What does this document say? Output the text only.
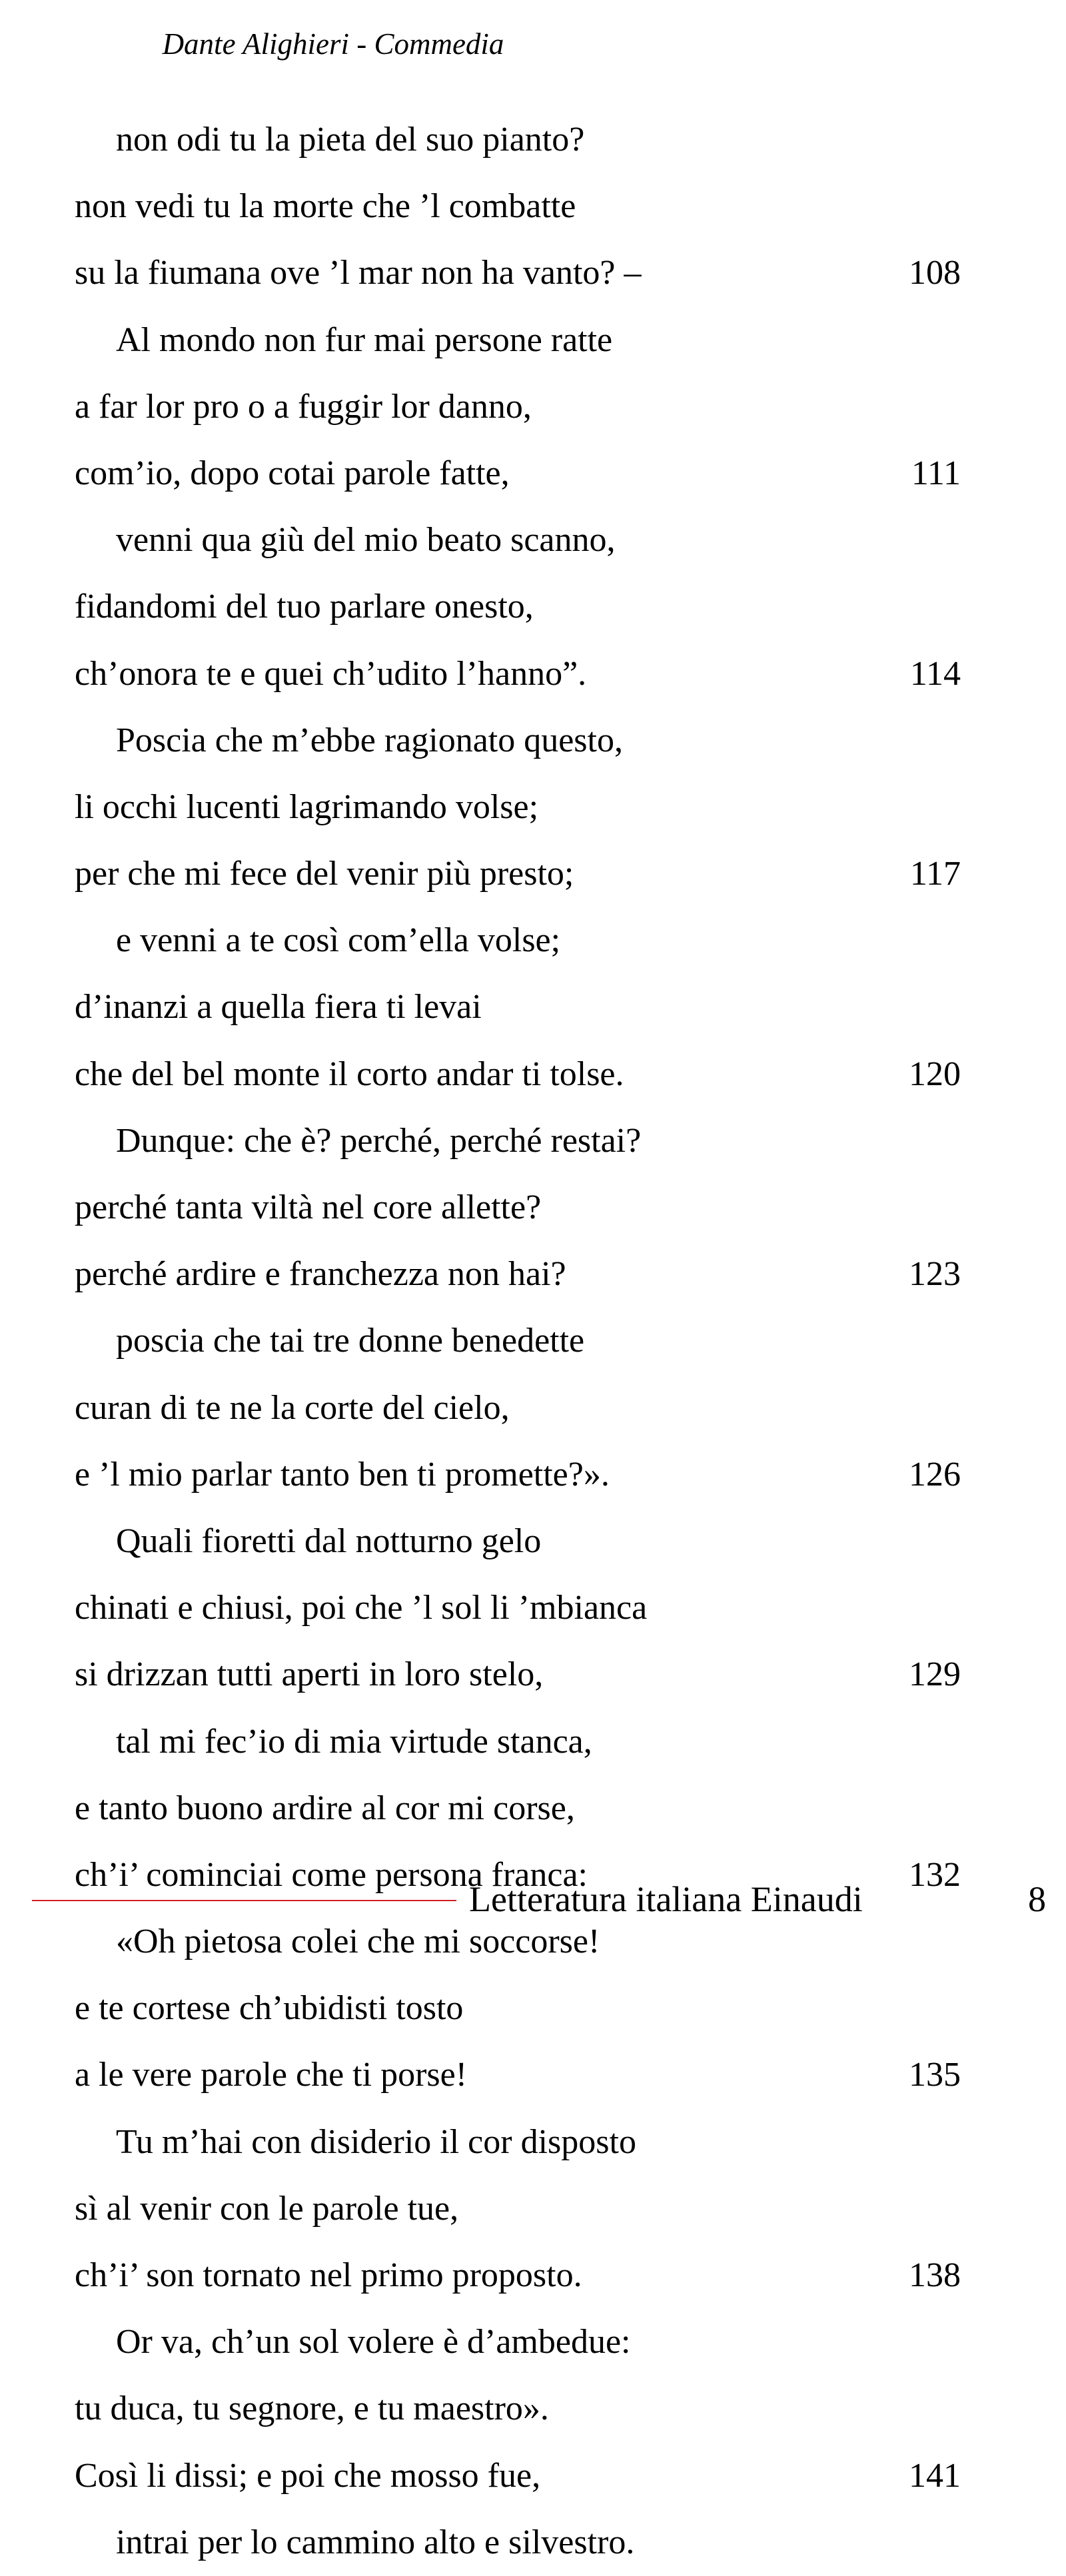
Dante Alighieri - Commedia
non odi tu la pieta del suo pianto?
non vedi tu la morte che ’l combatte
su la fiumana ove ’l mar non ha vanto? –	108
Al mondo non fur mai persone ratte
a far lor pro o a fuggir lor danno,
com’io, dopo cotai parole fatte,	111
venni qua giù del mio beato scanno,
fidandomi del tuo parlare onesto,
ch’onora te e quei ch’udito l’hanno”.	114
Poscia che m’ebbe ragionato questo,
li occhi lucenti lagrimando volse;
per che mi fece del venir più presto;	117
e venni a te così com’ella volse;
d’inanzi a quella fiera ti levai
che del bel monte il corto andar ti tolse.	120
Dunque: che è? perché, perché restai?
perché tanta viltà nel core allette?
perché ardire e franchezza non hai?	123
poscia che tai tre donne benedette
curan di te ne la corte del cielo,
e ’l mio parlar tanto ben ti promette?».	126
Quali fioretti dal notturno gelo
chinati e chiusi, poi che ’l sol li ’mbianca
si drizzan tutti aperti in loro stelo,	129
tal mi fec’io di mia virtude stanca,
e tanto buono ardire al cor mi corse,
ch’i’ cominciai come persona franca:	132
«Oh pietosa colei che mi soccorse!
e te cortese ch’ubidisti tosto
a le vere parole che ti porse!	135
Tu m’hai con disiderio il cor disposto
sì al venir con le parole tue,
ch’i’ son tornato nel primo proposto.	138
Or va, ch’un sol volere è d’ambedue:
tu duca, tu segnore, e tu maestro».
Così li dissi; e poi che mosso fue,	141
intrai per lo cammino alto e silvestro.
Letteratura italiana Einaudi	8
